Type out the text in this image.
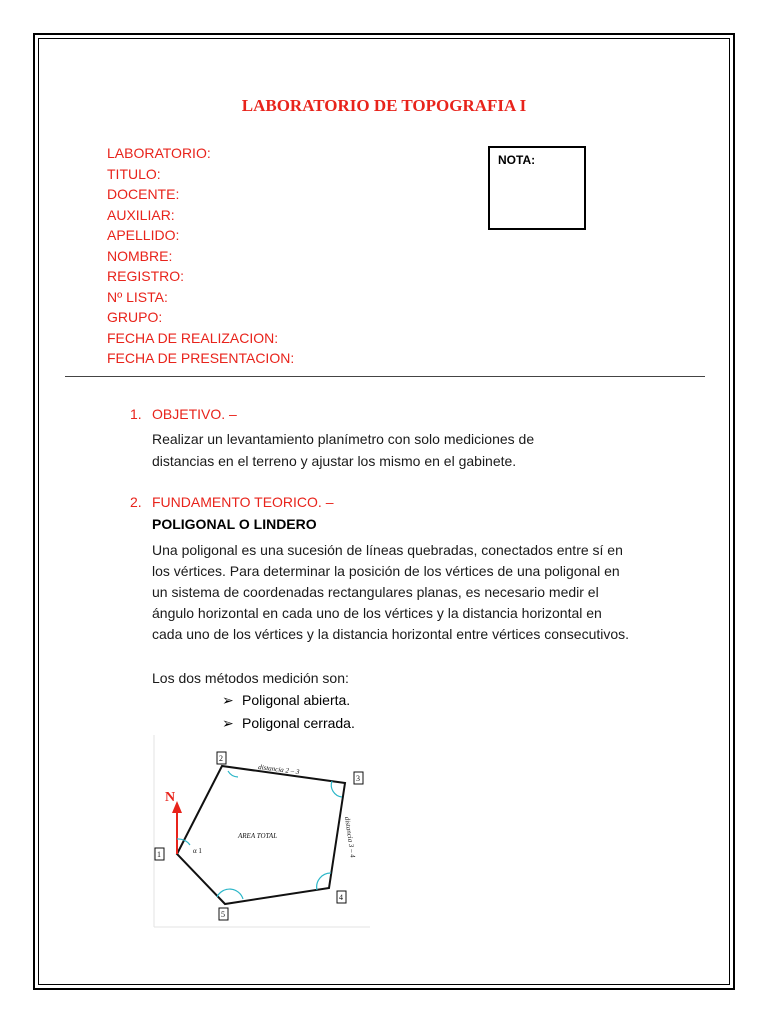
LABORATORIO DE TOPOGRAFIA I
LABORATORIO:
TITULO:
DOCENTE:
AUXILIAR:
APELLIDO:
NOMBRE:
REGISTRO:
Nº LISTA:
GRUPO:
FECHA DE REALIZACION:
FECHA DE PRESENTACION:
NOTA:
1. OBJETIVO. –
Realizar un levantamiento planímetro con solo mediciones de
distancias en el terreno y ajustar los mismo en el gabinete.
2. FUNDAMENTO TEORICO. –
POLIGONAL O LINDERO
Una poligonal es una sucesión de líneas quebradas, conectados entre sí en
los vértices. Para determinar la posición de los vértices de una poligonal en
un sistema de coordenadas rectangulares planas, es necesario medir el
ángulo horizontal en cada uno de los vértices y la distancia horizontal en
cada uno de los vértices y la distancia horizontal entre vértices consecutivos.
Los dos métodos medición son:
➢ Poligonal abierta.
➢ Poligonal cerrada.
N
α 1
AREA TOTAL
distancia 2 – 3
distancia 3 – 4
1
2
3
4
5
